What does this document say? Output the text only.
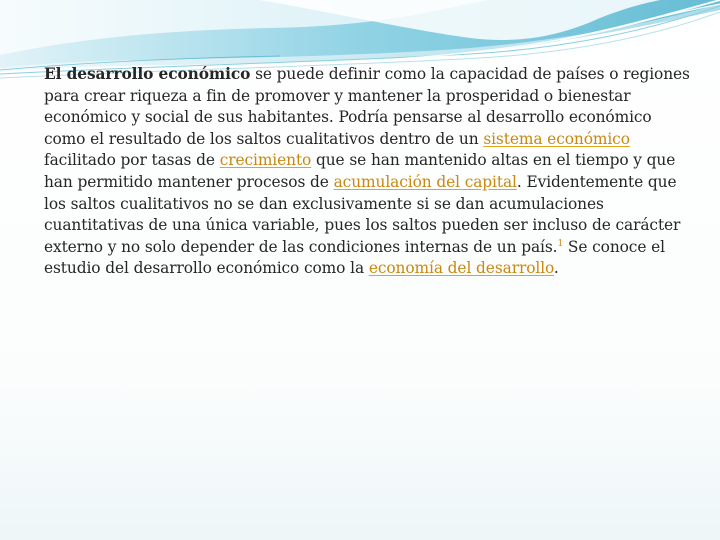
El desarrollo económico se puede definir como la capacidad de países o regiones para crear riqueza a fin de promover y mantener la prosperidad o bienestar económico y social de sus habitantes. Podría pensarse al desarrollo económico como el resultado de los saltos cualitativos dentro de un sistema económico facilitado por tasas de crecimiento que se han mantenido altas en el tiempo y que han permitido mantener procesos de acumulación del capital. Evidentemente que los saltos cualitativos no se dan exclusivamente si se dan acumulaciones cuantitativas de una única variable, pues los saltos pueden ser incluso de carácter externo y no solo depender de las condiciones internas de un país.$^1$ Se conoce el estudio del desarrollo económico como la economía del desarrollo.
